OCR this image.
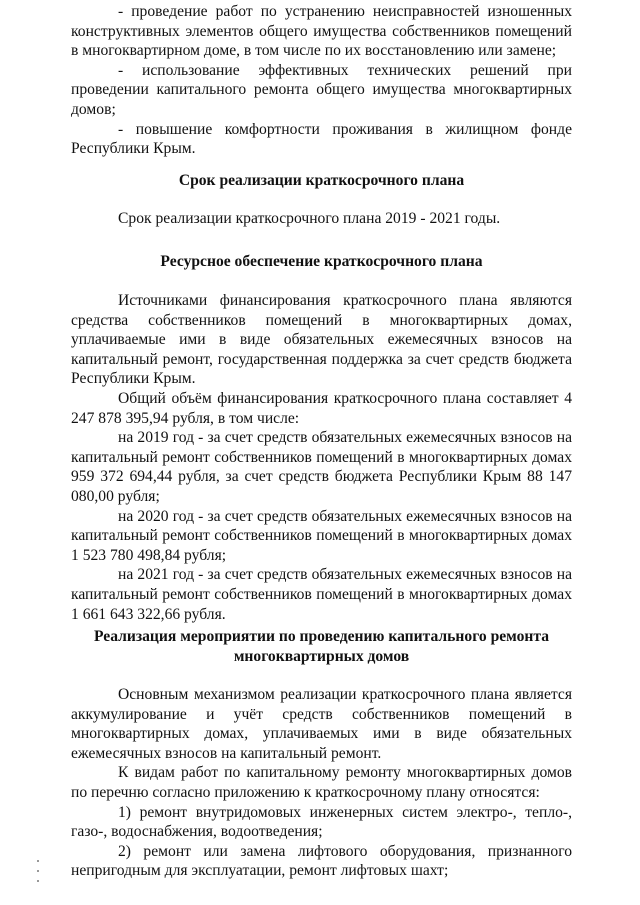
- проведение работ по устранению неисправностей изношенных конструктивных элементов общего имущества собственников помещений в многоквартирном доме, в том числе по их восстановлению или замене;

- использование эффективных технических решений при проведении капитального ремонта общего имущества многоквартирных домов;

- повышение комфортности проживания в жилищном фонде Республики Крым.

Срок реализации краткосрочного плана

Срок реализации краткосрочного плана 2019 - 2021 годы.

Ресурсное обеспечение краткосрочного плана

Источниками финансирования краткосрочного плана являются средства собственников помещений в многоквартирных домах, уплачиваемые ими в виде обязательных ежемесячных взносов на капитальный ремонт, государственная поддержка за счет средств бюджета Республики Крым.

Общий объём финансирования краткосрочного плана составляет 4 247 878 395,94 рубля, в том числе:

на 2019 год - за счет средств обязательных ежемесячных взносов на капитальный ремонт собственников помещений в многоквартирных домах 959 372 694,44 рубля, за счет средств бюджета Республики Крым 88 147 080,00 рубля;

на 2020 год - за счет средств обязательных ежемесячных взносов на капитальный ремонт собственников помещений в многоквартирных домах 1 523 780 498,84 рубля;

на 2021 год - за счет средств обязательных ежемесячных взносов на капитальный ремонт собственников помещений в многоквартирных домах 1 661 643 322,66 рубля.

Реализация мероприятии по проведению капитального ремонта
многоквартирных домов

Основным механизмом реализации краткосрочного плана является аккумулирование и учёт средств собственников помещений в многоквартирных домах, уплачиваемых ими в виде обязательных ежемесячных взносов на капитальный ремонт.

К видам работ по капитальному ремонту многоквартирных домов по перечню согласно приложению к краткосрочному плану относятся:

1) ремонт внутридомовых инженерных систем электро-, тепло-, газо-, водоснабжения, водоотведения;

2) ремонт или замена лифтового оборудования, признанного непригодным для эксплуатации, ремонт лифтовых шахт;
